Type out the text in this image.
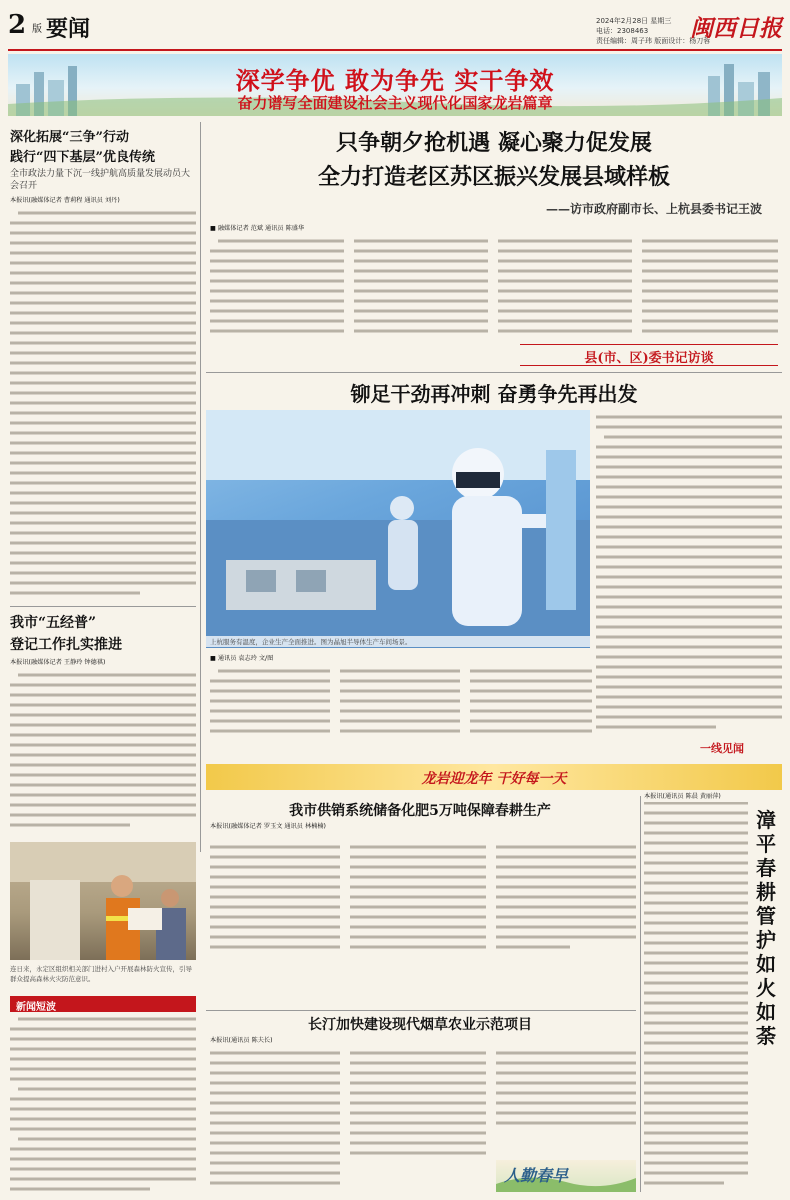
2 版 要闻	2024年2月28日 星期三
电话：2308463
责任编辑：周子玮 版面设计：杨刀蓉
闽西日报
深学争优 敢为争先 实干争效
奋力谱写全面建设社会主义现代化国家龙岩篇章
深化拓展“三争”行动
践行“四下基层”优良传统
全市政法力量下沉一线护航高质量发展动员大会召开
本报讯(融媒体记者 曹莉程 通讯员 刘丹)
我市“五经普”
登记工作扎实推进
本报讯(融媒体记者 王静玲 钟德祺)
连日来，永定区组织相关部门进村入户开展森林防火宣传，引导群众提高森林火灾防范意识。
新闻短波
只争朝夕抢机遇 凝心聚力促发展
全力打造老区苏区振兴发展县域样板
——访市政府副市长、上杭县委书记王波
■ 融媒体记者 范斌 通讯员 陈盛华
县(市、区)委书记访谈
铆足干劲再冲刺 奋勇争先再出发
上杭服务有温度，企业生产全面推进。图为晶旭半导体生产车间场景。
■ 通讯员 袁志玲 文/图
一线见闻
龙岩迎龙年 干好每一天
我市供销系统储备化肥5万吨保障春耕生产
本报讯(融媒体记者 罗玉文 通讯员 林楠楠)
长汀加快建设现代烟草农业示范项目
本报讯(通讯员 陈夫长)
人勤春早
本报讯(通讯员 陈晨 黄丽萍)
漳平春耕管护如火如荼
